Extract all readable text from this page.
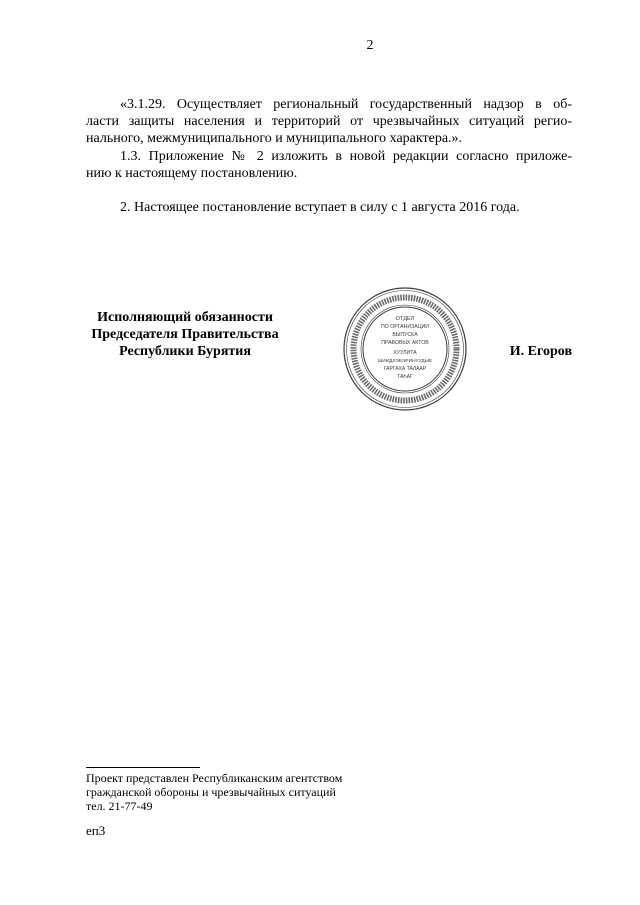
2
«3.1.29. Осуществляет региональный государственный надзор в об-
ласти защиты населения и территорий от чрезвычайных ситуаций регио-
нального, межмуниципального и муниципального характера.».
1.3. Приложение № 2 изложить в новой редакции согласно приложе-
нию к настоящему постановлению.
2. Настоящее постановление вступает в силу с 1 августа 2016 года.
Исполняющий обязанности
Председателя Правительства
Республики Бурятия
ОТДЕЛ
ПО ОРГАНИЗАЦИИ
ВЫПУСКА
ПРАВОВЫХ АКТОВ
ХУУЛИТА
ШИИДХЭБЭРИНУУДЫЕ
ГАРГАХА ТАЛААР
ТАҺАГ
И. Егоров
Проект представлен Республиканским агентством
гражданской обороны и чрезвычайных ситуаций
тел. 21-77-49
еп3
